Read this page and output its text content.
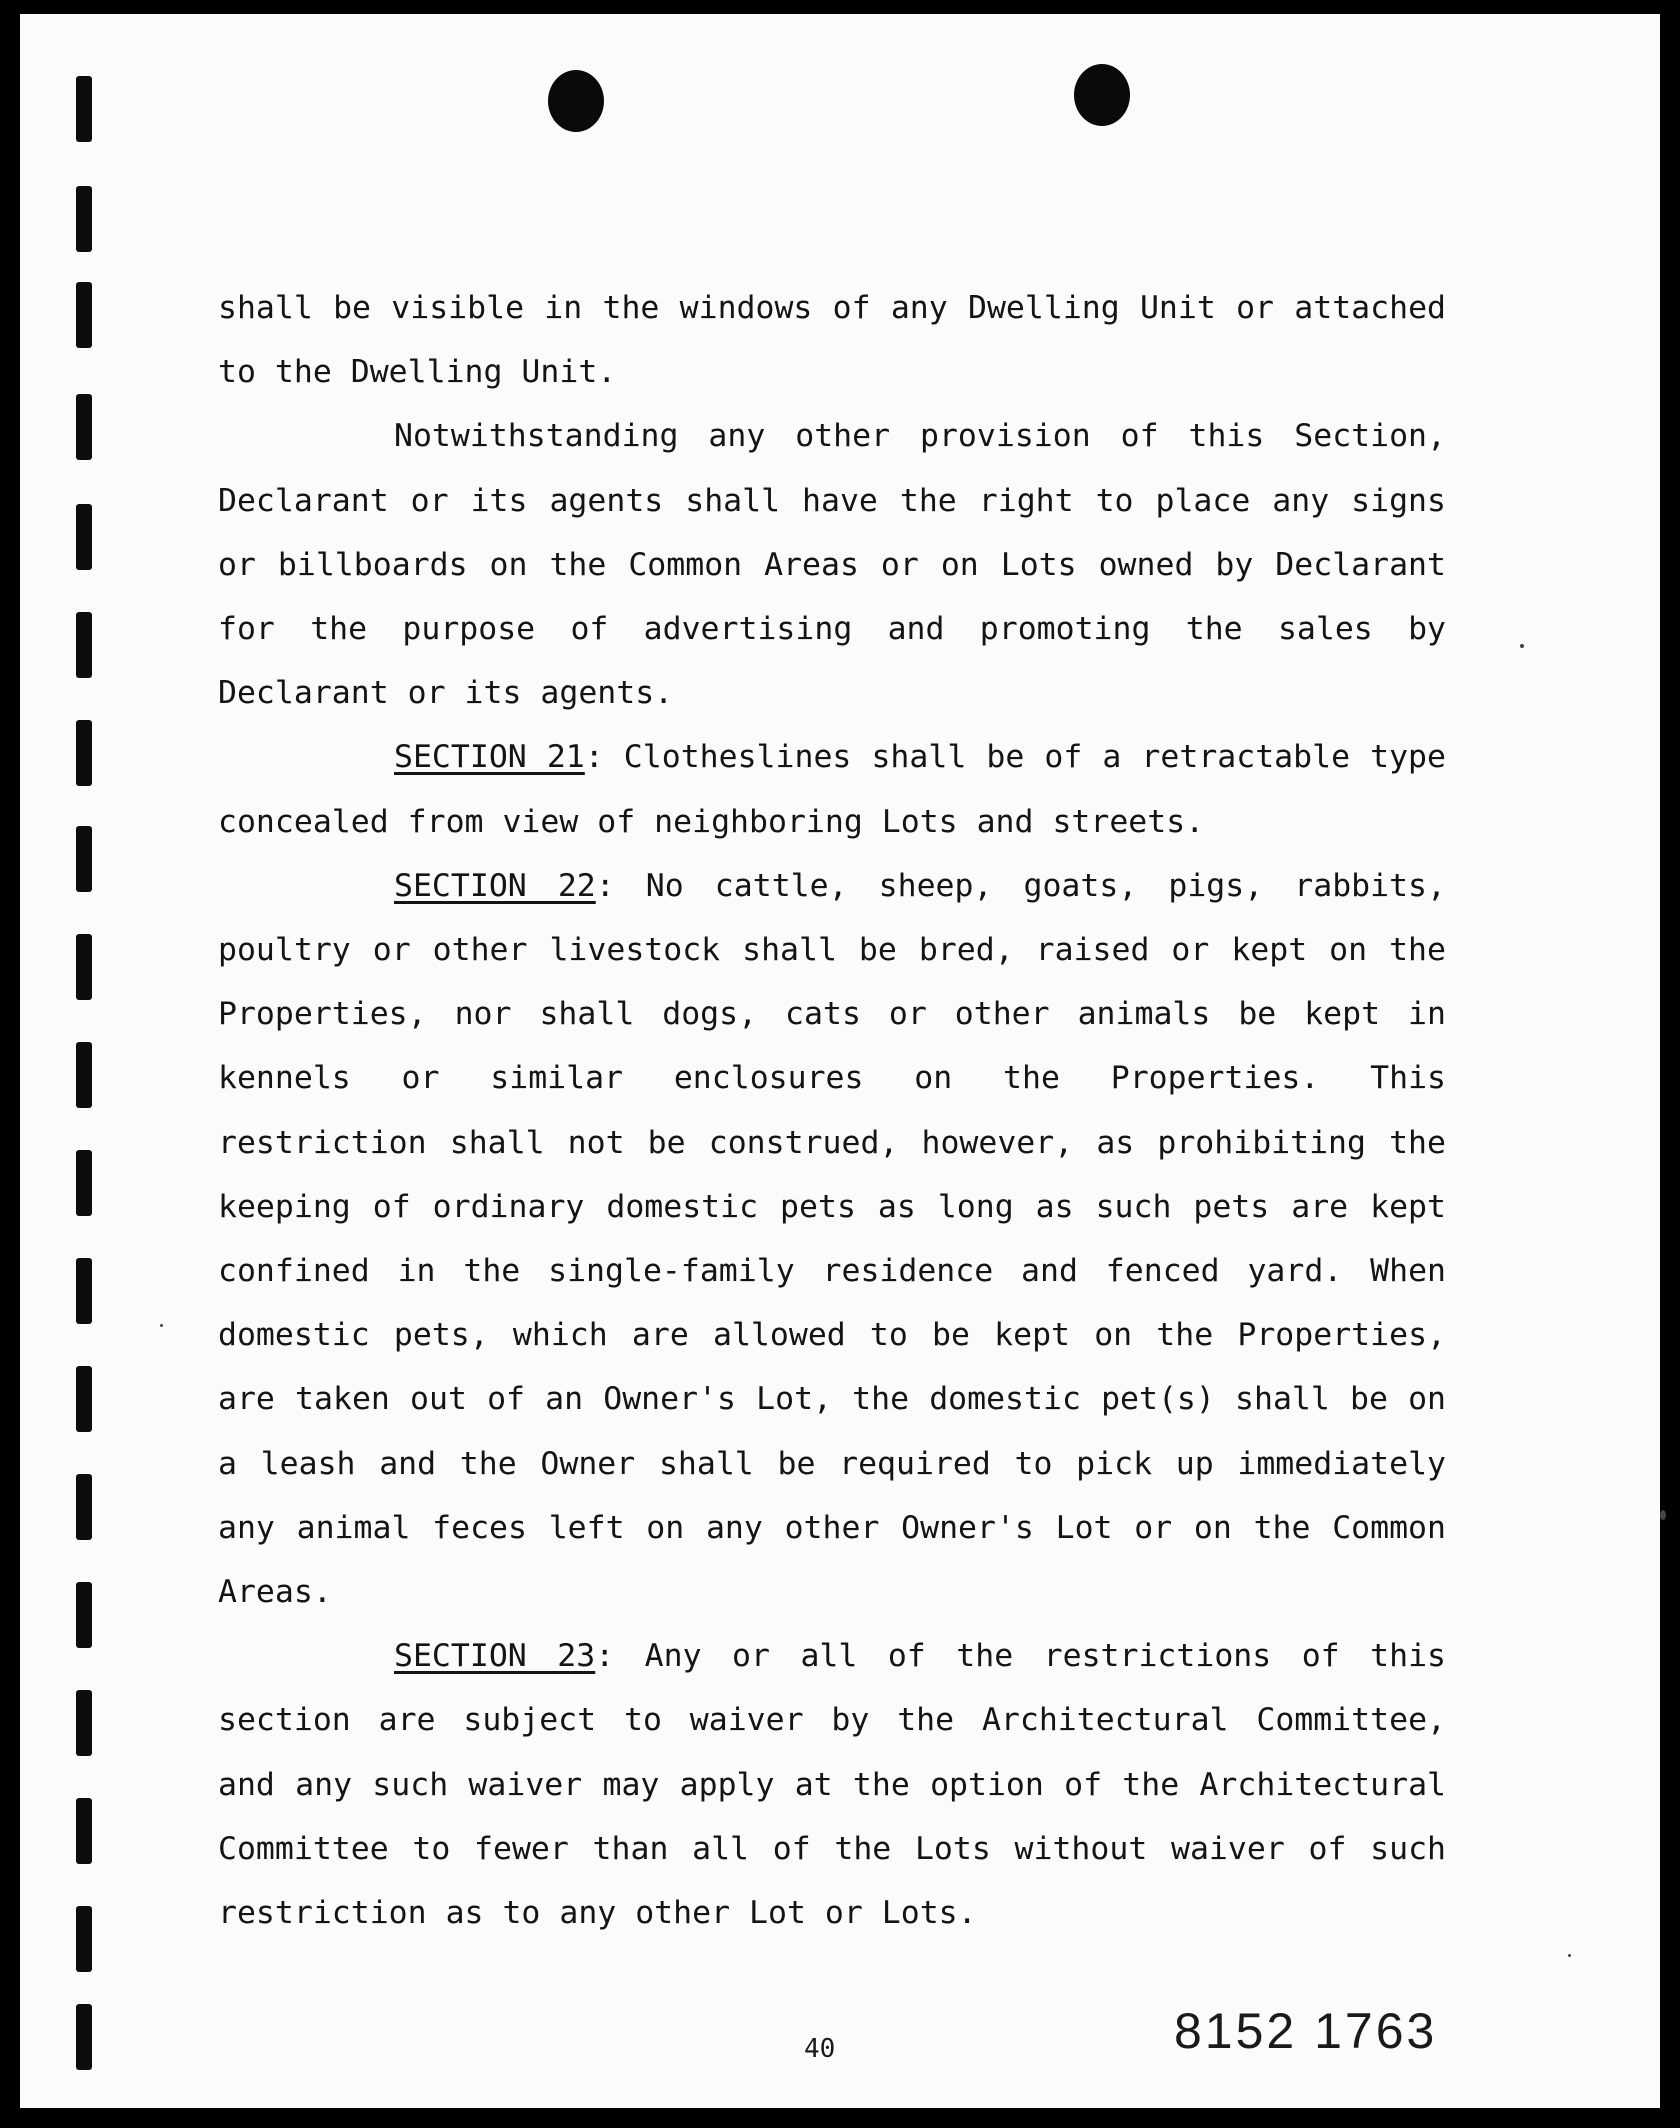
shall be visible in the windows of any Dwelling Unit or attached to the Dwelling Unit.

Notwithstanding any other provision of this Section, Declarant or its agents shall have the right to place any signs or billboards on the Common Areas or on Lots owned by Declarant for the purpose of advertising and promoting the sales by Declarant or its agents.

SECTION 21: Clotheslines shall be of a retractable type concealed from view of neighboring Lots and streets.

SECTION 22: No cattle, sheep, goats, pigs, rabbits, poultry or other livestock shall be bred, raised or kept on the Properties, nor shall dogs, cats or other animals be kept in kennels or similar enclosures on the Properties. This restriction shall not be construed, however, as prohibiting the keeping of ordinary domestic pets as long as such pets are kept confined in the single-family residence and fenced yard. When domestic pets, which are allowed to be kept on the Properties, are taken out of an Owner's Lot, the domestic pet(s) shall be on a leash and the Owner shall be required to pick up immediately any animal feces left on any other Owner's Lot or on the Common Areas.

SECTION 23: Any or all of the restrictions of this section are subject to waiver by the Architectural Committee, and any such waiver may apply at the option of the Architectural Committee to fewer than all of the Lots without waiver of such restriction as to any other Lot or Lots.

40	8152 1763
